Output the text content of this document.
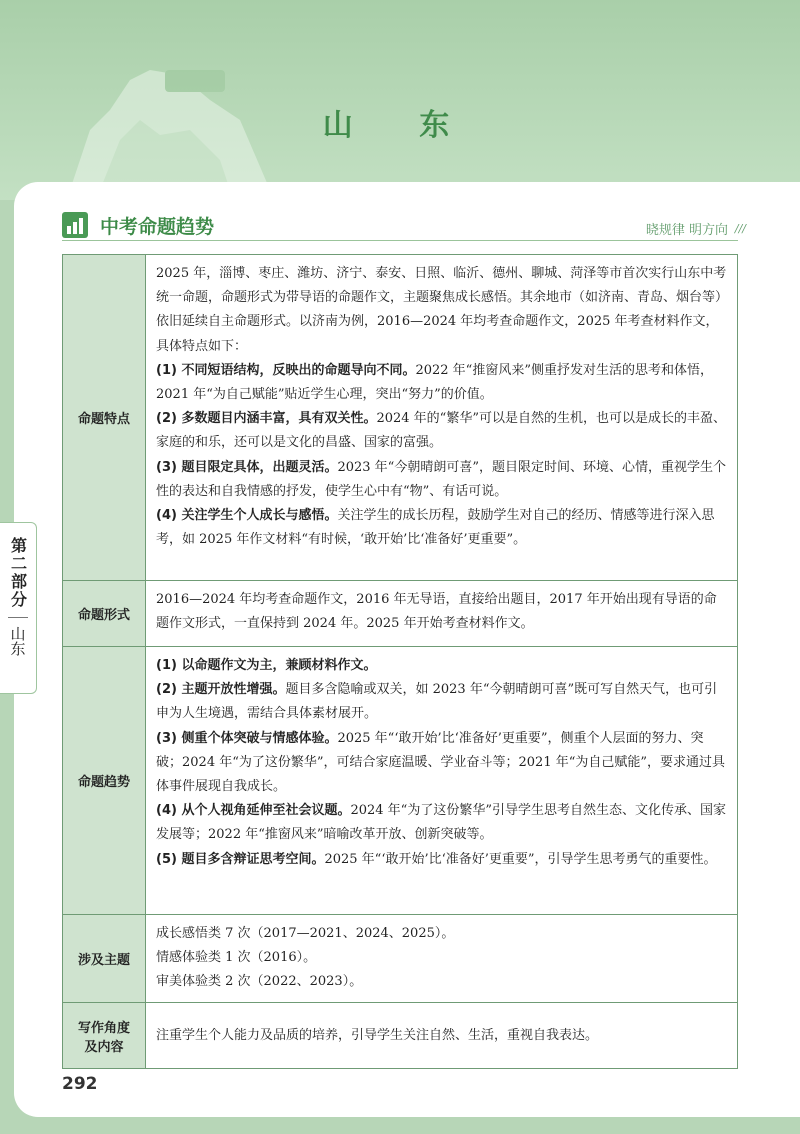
山 东
第二部分
山东
中考命题趋势	晓规律 明方向 ///
命题特点	2025 年，淄博、枣庄、潍坊、济宁、泰安、日照、临沂、德州、聊城、菏泽等市首次实行山东中考统一命题，命题形式为带导语的命题作文，主题聚焦成长感悟。其余地市（如济南、青岛、烟台等）依旧延续自主命题形式。以济南为例，2016—2024 年均考查命题作文，2025 年考查材料作文，具体特点如下：
(1) 不同短语结构，反映出的命题导向不同。2022 年“推窗风来”侧重抒发对生活的思考和体悟，2021 年“为自己赋能”贴近学生心理，突出“努力”的价值。
(2) 多数题目内涵丰富，具有双关性。2024 年的“繁华”可以是自然的生机，也可以是成长的丰盈、家庭的和乐，还可以是文化的昌盛、国家的富强。
(3) 题目限定具体，出题灵活。2023 年“今朝晴朗可喜”，题目限定时间、环境、心情，重视学生个性的表达和自我情感的抒发，使学生心中有“物”、有话可说。
(4) 关注学生个人成长与感悟。关注学生的成长历程，鼓励学生对自己的经历、情感等进行深入思考，如 2025 年作文材料“有时候，‘敢开始’比‘准备好’更重要”。

命题形式	2016—2024 年均考查命题作文，2016 年无导语，直接给出题目，2017 年开始出现有导语的命题作文形式，一直保持到 2024 年。2025 年开始考查材料作文。
命题趋势	(1) 以命题作文为主，兼顾材料作文。
(2) 主题开放性增强。题目多含隐喻或双关，如 2023 年“今朝晴朗可喜”既可写自然天气，也可引申为人生境遇，需结合具体素材展开。
(3) 侧重个体突破与情感体验。2025 年“‘敢开始’比‘准备好’更重要”，侧重个人层面的努力、突破；2024 年“为了这份繁华”，可结合家庭温暖、学业奋斗等；2021 年“为自己赋能”，要求通过具体事件展现自我成长。
(4) 从个人视角延伸至社会议题。2024 年“为了这份繁华”引导学生思考自然生态、文化传承、国家发展等；2022 年“推窗风来”暗喻改革开放、创新突破等。
(5) 题目多含辩证思考空间。2025 年“‘敢开始’比‘准备好’更重要”，引导学生思考勇气的重要性。

涉及主题	成长感悟类 7 次（2017—2021、2024、2025）。
情感体验类 1 次（2016）。
审美体验类 2 次（2022、2023）。

写作角度
及内容	注重学生个人能力及品质的培养，引导学生关注自然、生活，重视自我表达。
292
